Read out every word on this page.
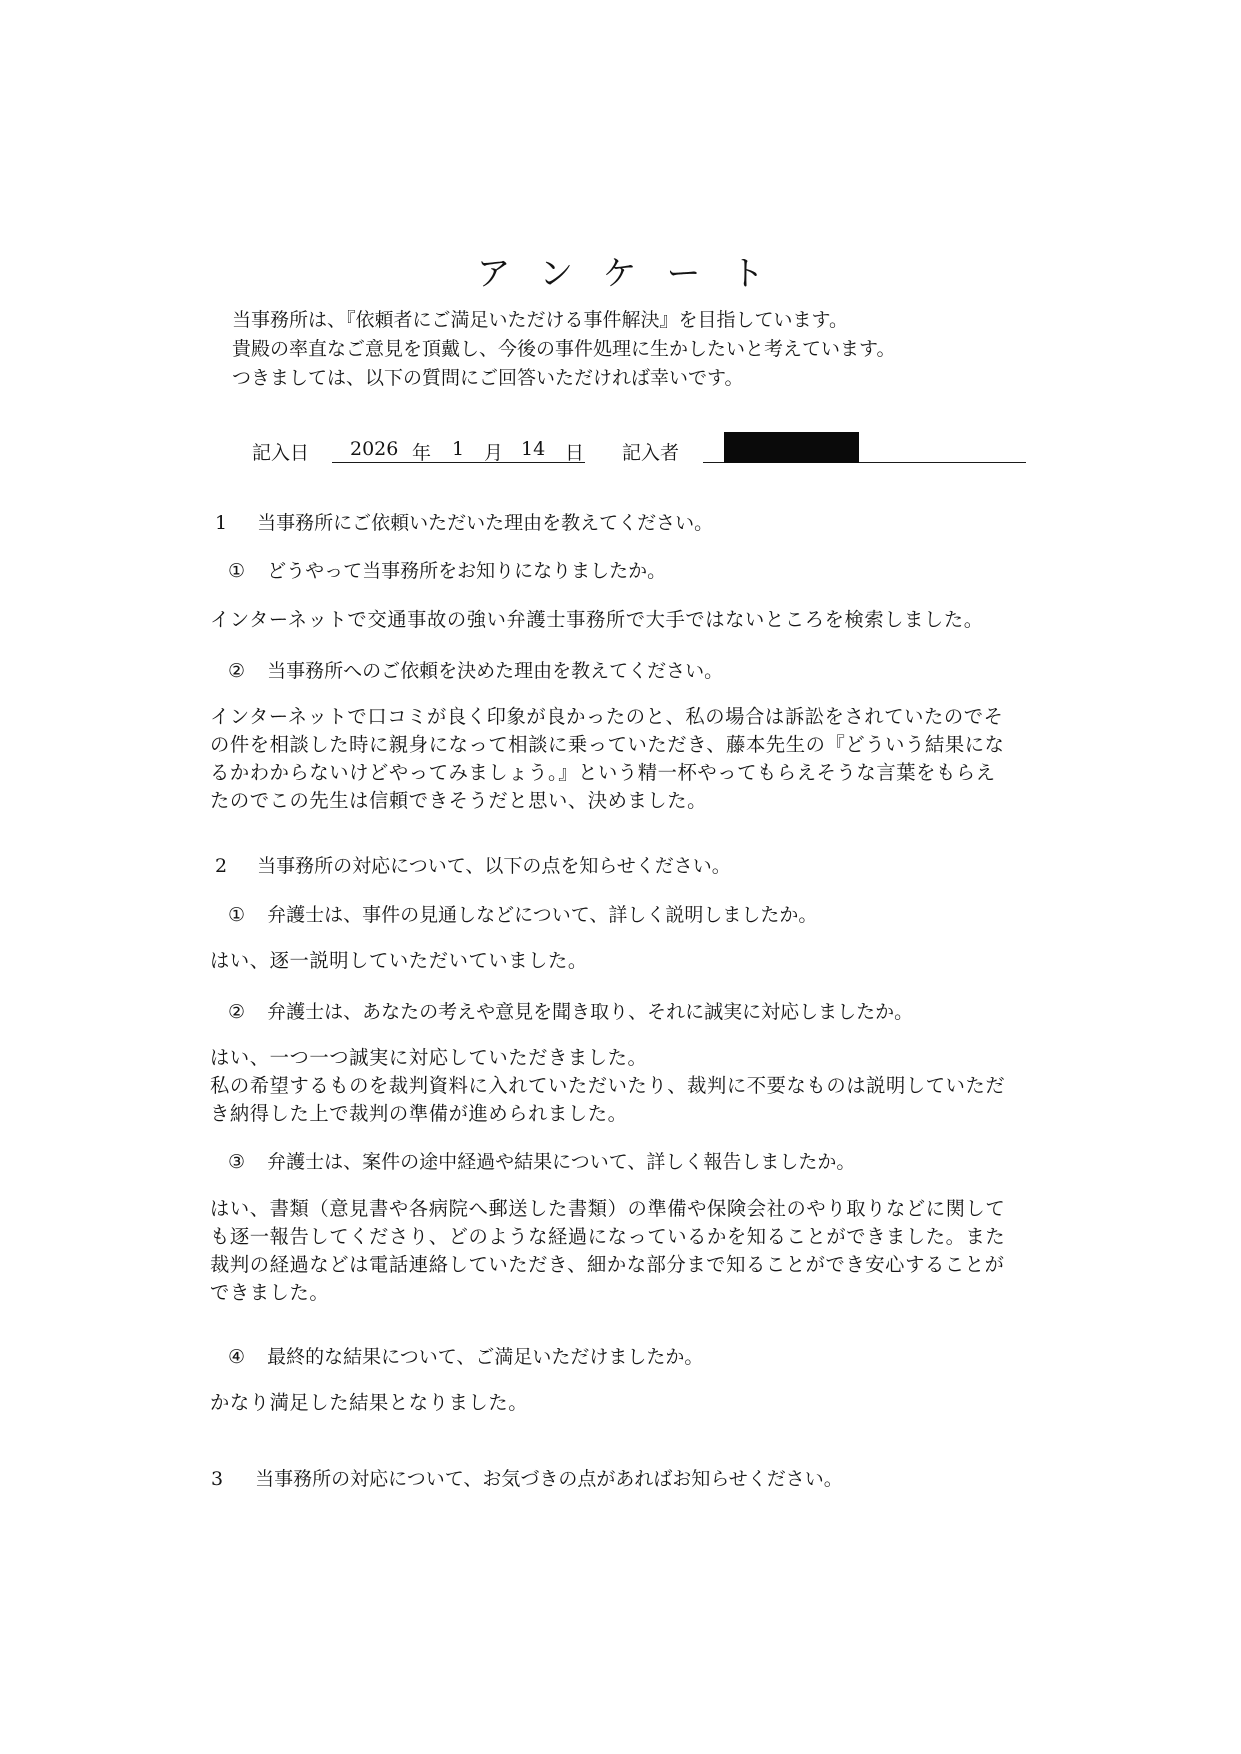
アンケート

当事務所は、『依頼者にご満足いただける事件解決』を目指しています。

貴殿の率直なご意見を頂戴し、今後の事件処理に生かしたいと考えています。

つきましては、以下の質問にご回答いただければ幸いです。

記入日 2026 年 1 月 14 日 記入者
1 当事務所にご依頼いただいた理由を教えてください。
① どうやって当事務所をお知りになりましたか。

インターネットで交通事故の強い弁護士事務所で大手ではないところを検索しました。

② 当事務所へのご依頼を決めた理由を教えてください。

インターネットで口コミが良く印象が良かったのと、私の場合は訴訟をされていたのでそ

の件を相談した時に親身になって相談に乗っていただき、藤本先生の『どういう結果にな

るかわからないけどやってみましょう。』という精一杯やってもらえそうな言葉をもらえ

たのでこの先生は信頼できそうだと思い、決めました。

2 当事務所の対応について、以下の点を知らせください。
① 弁護士は、事件の見通しなどについて、詳しく説明しましたか。

はい、逐一説明していただいていました。

② 弁護士は、あなたの考えや意見を聞き取り、それに誠実に対応しましたか。

はい、一つ一つ誠実に対応していただきました。

私の希望するものを裁判資料に入れていただいたり、裁判に不要なものは説明していただ

き納得した上で裁判の準備が進められました。

③ 弁護士は、案件の途中経過や結果について、詳しく報告しましたか。

はい、書類（意見書や各病院へ郵送した書類）の準備や保険会社のやり取りなどに関して

も逐一報告してくださり、どのような経過になっているかを知ることができました。また

裁判の経過などは電話連絡していただき、細かな部分まで知ることができ安心することが

できました。

④ 最終的な結果について、ご満足いただけましたか。

かなり満足した結果となりました。

3 当事務所の対応について、お気づきの点があればお知らせください。
